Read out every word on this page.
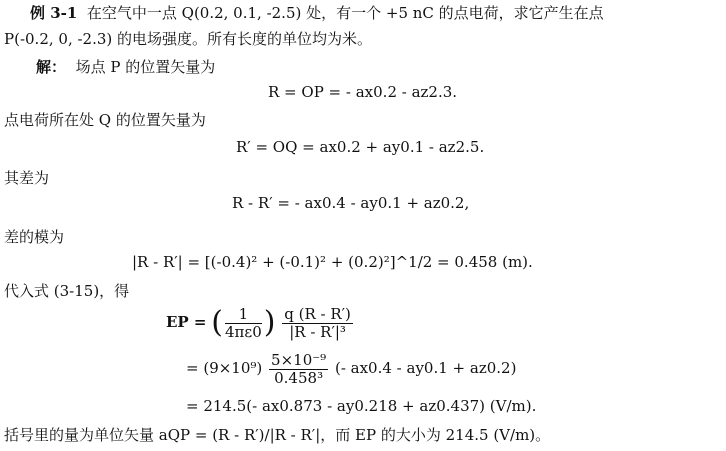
例 3-1 在空气中一点 Q(0.2, 0.1, -2.5) 处，有一个 +5 nC 的点电荷，求它产生在点
P(-0.2, 0, -2.3) 的电场强度。所有长度的单位均为米。
解： 场点 P 的位置矢量为
R = OP = - ax0.2 - az2.3.
点电荷所在处 Q 的位置矢量为
R′ = OQ = ax0.2 + ay0.1 - az2.5.
其差为
R - R′ = - ax0.4 - ay0.1 + az0.2,
差的模为
|R - R′| = [(-0.4)² + (-0.1)² + (0.2)²]^1/2 = 0.458 (m).
代入式 (3-15)，得
EP = ( $\frac{1}{4\pi\varepsilon 0}$ ) $\frac{q (R - R')}{\text{|R - R′|³}}$
= $(9\times 10^9) \frac{\text{5×10⁻⁹}}{\text{0.458³}}$ (- ax0.4 - ay0.1 + az0.2)
= 214.5(- ax0.873 - ay0.218 + az0.437) (V/m).
括号里的量为单位矢量 aQP = (R - R′)/|R - R′|，而 EP 的大小为 214.5 (V/m)。
